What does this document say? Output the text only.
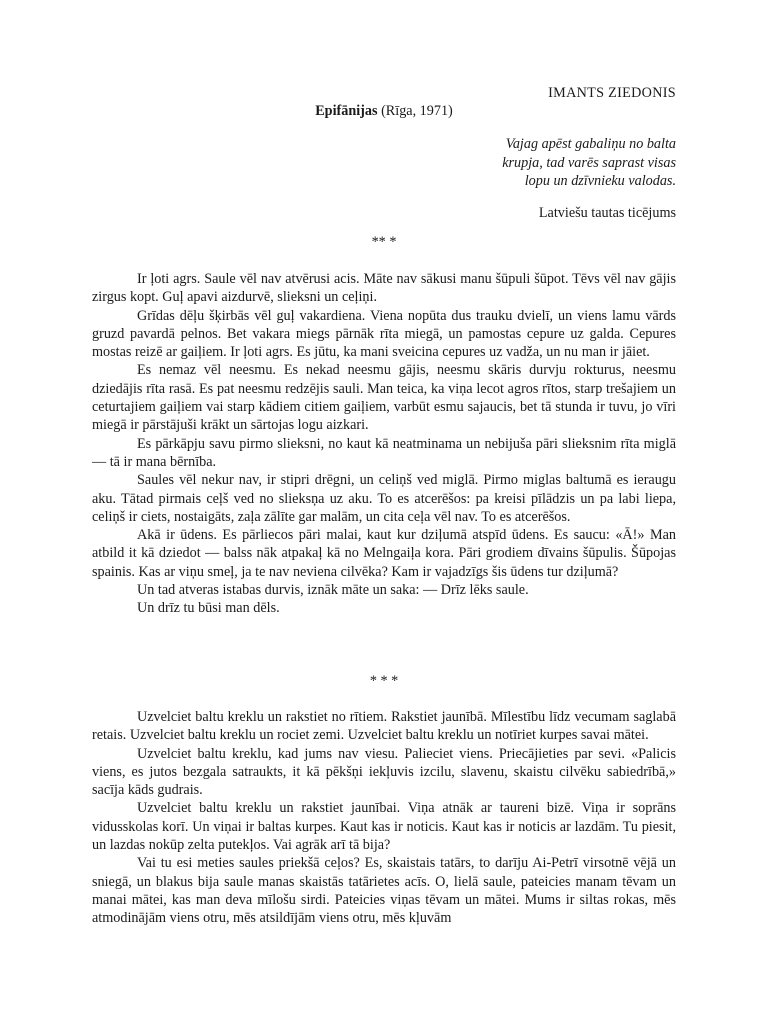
IMANTS ZIEDONIS
Epifānijas (Rīga, 1971)
Vajag apēst gabaliņu no balta
krupja, tad varēs saprast visas
lopu un dzīvnieku valodas.
Latviešu tautas ticējums
** *

Ir ļoti agrs. Saule vēl nav atvērusi acis. Māte nav sākusi manu šūpuli šūpot. Tēvs vēl nav gājis zirgus kopt. Guļ apavi aizdurvē, slieksni un ceļiņi.

Grīdas dēļu šķirbās vēl guļ vakardiena. Viena nopūta dus trauku dvielī, un viens lamu vārds gruzd pavardā pelnos. Bet vakara miegs pārnāk rīta miegā, un pamostas cepure uz galda. Cepures mostas reizē ar gaiļiem. Ir ļoti agrs. Es jūtu, ka mani sveicina cepures uz vadža, un nu man ir jāiet.

Es nemaz vēl neesmu. Es nekad neesmu gājis, neesmu skāris durvju rokturus, neesmu dziedājis rīta rasā. Es pat neesmu redzējis sauli. Man teica, ka viņa lecot agros rītos, starp trešajiem un ceturtajiem gaiļiem vai starp kādiem citiem gaiļiem, varbūt esmu sajaucis, bet tā stunda ir tuvu, jo vīri miegā ir pārstājuši krākt un sārtojas logu aizkari.

Es pārkāpju savu pirmo slieksni, no kaut kā neatminama un nebijuša pāri slieksnim rīta miglā — tā ir mana bērnība.

Saules vēl nekur nav, ir stipri drēgni, un celiņš ved miglā. Pirmo miglas baltumā es ieraugu aku. Tātad pirmais ceļš ved no slieksņa uz aku. To es atcerēšos: pa kreisi pīlādzis un pa labi liepa, celiņš ir ciets, nostaigāts, zaļa zālīte gar malām, un cita ceļa vēl nav. To es atcerēšos.

Akā ir ūdens. Es pārliecos pāri malai, kaut kur dziļumā atspīd ūdens. Es saucu: «Ā!» Man atbild it kā dziedot — balss nāk atpakaļ kā no Melngaiļa kora. Pāri grodiem dīvains šūpulis. Šūpojas spainis. Kas ar viņu smeļ, ja te nav neviena cilvēka? Kam ir vajadzīgs šis ūdens tur dziļumā?

Un tad atveras istabas durvis, iznāk māte un saka: — Drīz lēks saule.

Un drīz tu būsi man dēls.

* * *

Uzvelciet baltu kreklu un rakstiet no rītiem. Rakstiet jaunībā. Mīlestību līdz vecumam saglabā retais. Uzvelciet baltu kreklu un rociet zemi. Uzvelciet baltu kreklu un notīriet kurpes savai mātei.

Uzvelciet baltu kreklu, kad jums nav viesu. Palieciet viens. Priecājieties par sevi. «Palicis viens, es jutos bezgala satraukts, it kā pēkšņi iekļuvis izcilu, slavenu, skaistu cilvēku sabiedrībā,» sacīja kāds gudrais.

Uzvelciet baltu kreklu un rakstiet jaunībai. Viņa atnāk ar taureni bizē. Viņa ir soprāns vidusskolas korī. Un viņai ir baltas kurpes. Kaut kas ir noticis. Kaut kas ir noticis ar lazdām. Tu piesit, un lazdas nokūp zelta putekļos. Vai agrāk arī tā bija?

Vai tu esi meties saules priekšā ceļos? Es, skaistais tatārs, to darīju Ai-Petrī virsotnē vējā un sniegā, un blakus bija saule manas skaistās tatārietes acīs. O, lielā saule, pateicies manam tēvam un manai mātei, kas man deva mīlošu sirdi. Pateicies viņas tēvam un mātei. Mums ir siltas rokas, mēs atmodinājām viens otru, mēs atsildījām viens otru, mēs kļuvām
